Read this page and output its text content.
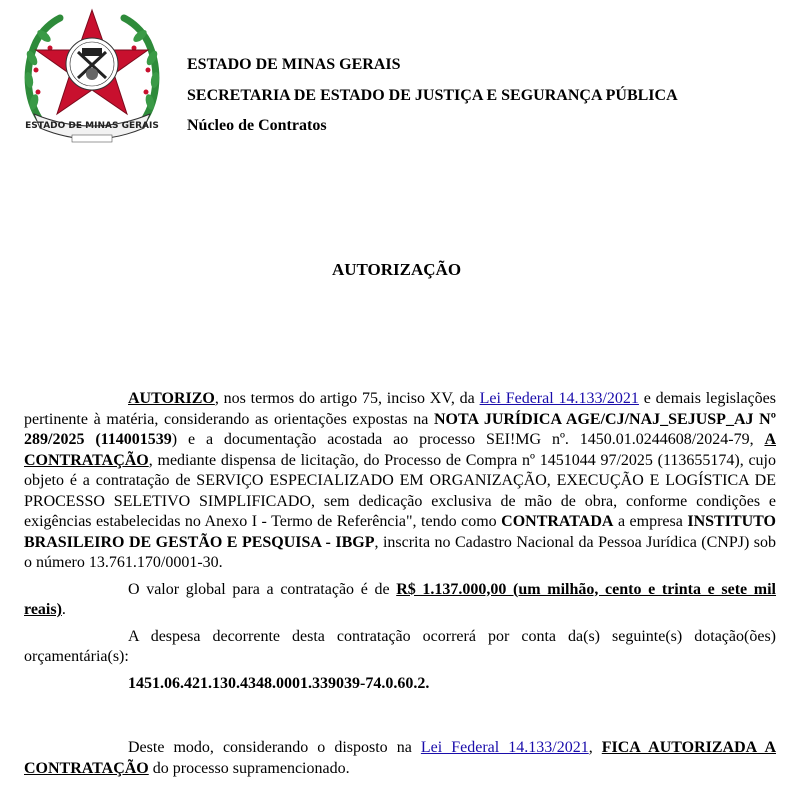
ESTADO DE MINAS GERAIS
ESTADO DE MINAS GERAIS
SECRETARIA DE ESTADO DE JUSTIÇA E SEGURANÇA PÚBLICA
Núcleo de Contratos
AUTORIZAÇÃO

AUTORIZO, nos termos do artigo 75, inciso XV, da Lei Federal 14.133/2021 e demais legislações pertinente à matéria, considerando as orientações expostas na NOTA JURÍDICA AGE/CJ/NAJ_SEJUSP_AJ Nº 289/2025 (114001539) e a documentação acostada ao processo SEI!MG nº. 1450.01.0244608/2024-79, A CONTRATAÇÃO, mediante dispensa de licitação, do Processo de Compra nº 1451044 97/2025 (113655174), cujo objeto é a contratação de SERVIÇO ESPECIALIZADO EM ORGANIZAÇÃO, EXECUÇÃO E LOGÍSTICA DE PROCESSO SELETIVO SIMPLIFICADO, sem dedicação exclusiva de mão de obra, conforme condições e exigências estabelecidas no Anexo I - Termo de Referência", tendo como CONTRATADA a empresa INSTITUTO BRASILEIRO DE GESTÃO E PESQUISA - IBGP, inscrita no Cadastro Nacional da Pessoa Jurídica (CNPJ) sob o número 13.761.170/0001-30.

O valor global para a contratação é de R$ 1.137.000,00 (um milhão, cento e trinta e sete mil reais).

A despesa decorrente desta contratação ocorrerá por conta da(s) seguinte(s) dotação(ões) orçamentária(s):

1451.06.421.130.4348.0001.339039-74.0.60.2.

Deste modo, considerando o disposto na Lei Federal 14.133/2021, FICA AUTORIZADA A CONTRATAÇÃO do processo supramencionado.
